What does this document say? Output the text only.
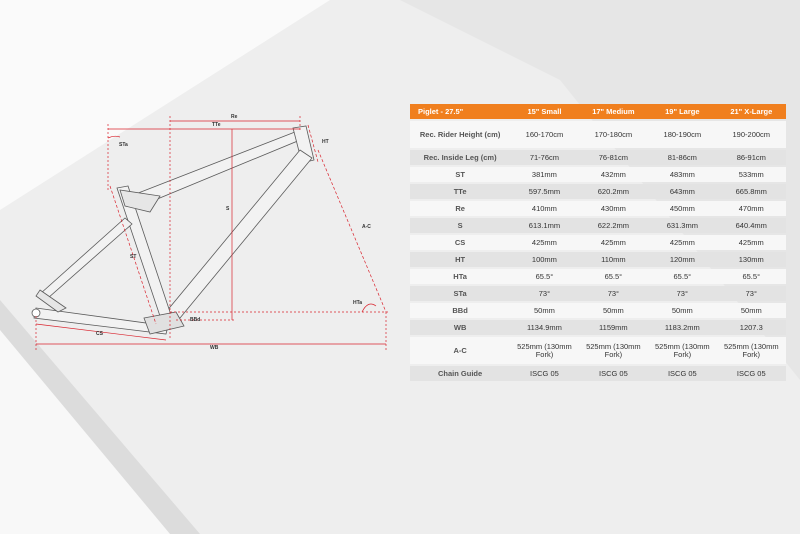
Re
TTe
STa	HT
S
ST
A-C
HTa
BBd
CS
WB
Piglet - 27.5"	15" Small	17" Medium	19" Large	21" X-Large
Rec. Rider Height (cm)	160-170cm	170-180cm	180-190cm	190-200cm
Rec. Inside Leg (cm)	71-76cm	76-81cm	81-86cm	86-91cm
ST	381mm	432mm	483mm	533mm
TTe	597.5mm	620.2mm	643mm	665.8mm
Re	410mm	430mm	450mm	470mm
S	613.1mm	622.2mm	631.3mm	640.4mm
CS	425mm	425mm	425mm	425mm
HT	100mm	110mm	120mm	130mm
HTa	65.5°	65.5°	65.5°	65.5°
STa	73°	73°	73°	73°
BBd	50mm	50mm	50mm	50mm
WB	1134.9mm	1159mm	1183.2mm	1207.3
A-C	525mm (130mm Fork)	525mm (130mm Fork)	525mm (130mm Fork)	525mm (130mm Fork)
Chain Guide	ISCG 05	ISCG 05	ISCG 05	ISCG 05
